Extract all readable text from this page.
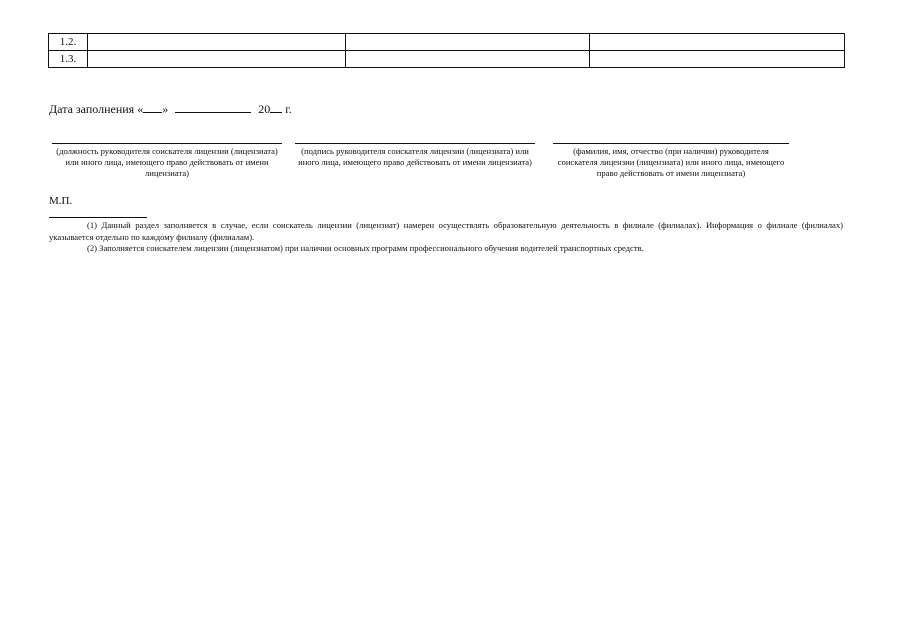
1.2.			
1.3.			
Дата заполнения « »	20 г.
(должность руководителя соискателя лицензии (лицензиата) или иного лица, имеющего право действовать от имени лицензиата)
(подпись руководителя соискателя лицензии (лицензиата) или иного лица, имеющего право действовать от имени лицензиата)
(фамилия, имя, отчество (при наличии) руководителя соискателя лицензии (лицензиата) или иного лица, имеющего право действовать от имени лицензиата)
М.П.

(1) Данный раздел заполняется в случае, если соискатель лицензии (лицензиат) намерен осуществлять образовательную деятельность в филиале (филиалах). Информация о филиале (филиалах) указывается отдельно по каждому филиалу (филиалам).

(2) Заполняется соискателем лицензии (лицензиатом) при наличии основных программ профессионального обучения водителей транспортных средств.
